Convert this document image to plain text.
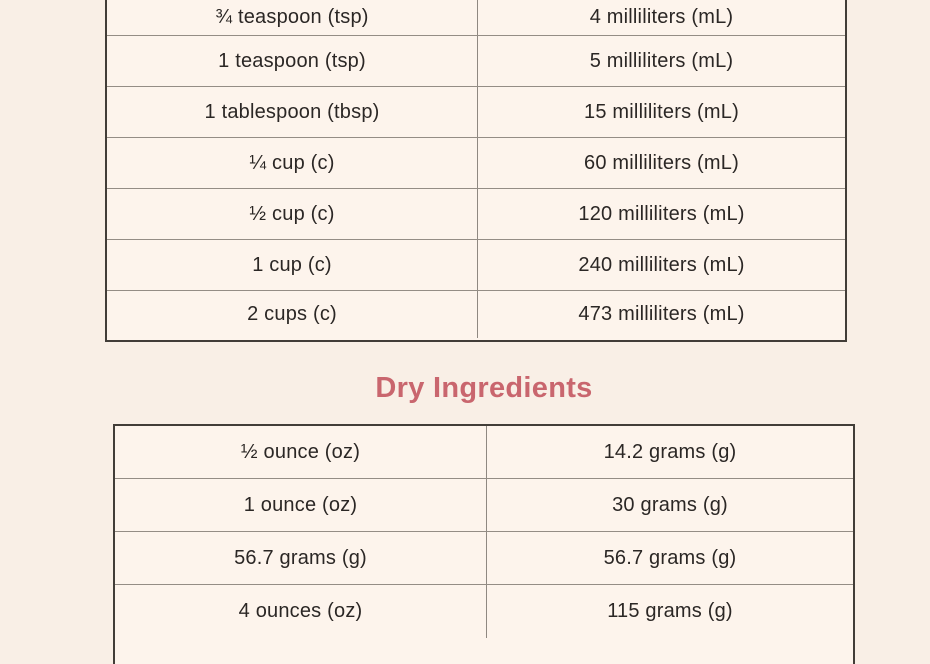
¾ teaspoon (tsp)	4 milliliters (mL)
1 teaspoon (tsp)	5 milliliters (mL)
1 tablespoon (tbsp)	15 milliliters (mL)
¼ cup (c)	60 milliliters (mL)
½ cup (c)	120 milliliters (mL)
1 cup (c)	240 milliliters (mL)
2 cups (c)	473 milliliters (mL)
Dry Ingredients
½ ounce (oz)	14.2 grams (g)
1 ounce (oz)	30 grams (g)
56.7 grams (g)	56.7 grams (g)
4 ounces (oz)	115 grams (g)
